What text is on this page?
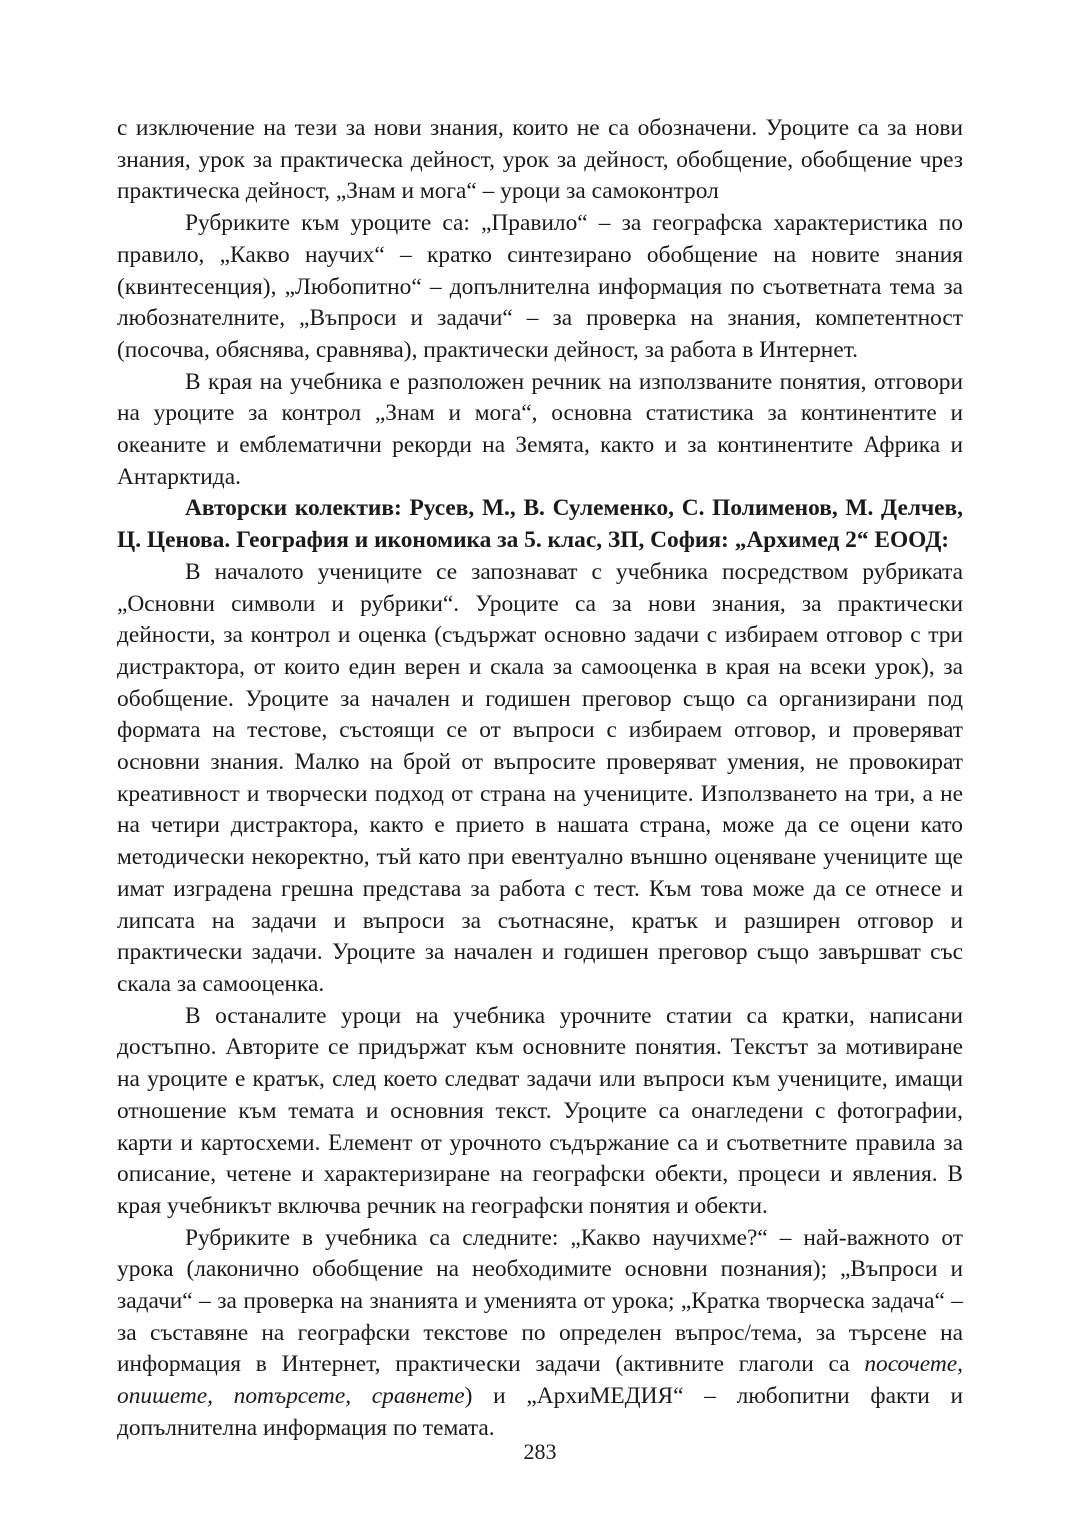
с изключение на тези за нови знания, които не са обозначени. Уроците са за нови знания, урок за практическа дейност, урок за дейност, обобщение, обобщение чрез практическа дейност, „Знам и мога“ – уроци за самоконтрол

Рубриките към уроците са: „Правило“ – за географска характеристика по правило, „Какво научих“ – кратко синтезирано обобщение на новите знания (квинтесенция), „Любопитно“ – допълнителна информация по съответната тема за любознателните, „Въпроси и задачи“ – за проверка на знания, компетентност (посочва, обяснява, сравнява), практически дейност, за работа в Интернет.

В края на учебника е разположен речник на използваните понятия, отговори на уроците за контрол „Знам и мога“, основна статистика за континентите и океаните и емблематични рекорди на Земята, както и за континентите Африка и Антарктида.

Авторски колектив: Русев, М., В. Сулеменко, С. Полименов, М. Делчев, Ц. Ценова. География и икономика за 5. клас, ЗП, София: „Архимед 2“ ЕООД:

В началото учениците се запознават с учебника посредством рубриката „Основни символи и рубрики“. Уроците са за нови знания, за практически дейности, за контрол и оценка (съдържат основно задачи с избираем отговор с три дистрактора, от които един верен и скала за самооценка в края на всеки урок), за обобщение. Уроците за начален и годишен преговор също са организирани под формата на тестове, състоящи се от въпроси с избираем отговор, и проверяват основни знания. Малко на брой от въпросите проверяват умения, не провокират креативност и творчески подход от страна на учениците. Използването на три, а не на четири дистрактора, както е прието в нашата страна, може да се оцени като методически некоректно, тъй като при евентуално външно оценяване учениците ще имат изградена грешна представа за работа с тест. Към това може да се отнесе и липсата на задачи и въпроси за съотнасяне, кратък и разширен отговор и практически задачи. Уроците за начален и годишен преговор също завършват със скала за самооценка.

В останалите уроци на учебника урочните статии са кратки, написани достъпно. Авторите се придържат към основните понятия. Текстът за мотивиране на уроците е кратък, след което следват задачи или въпроси към учениците, имащи отношение към темата и основния текст. Уроците са онагледени с фотографии, карти и картосхеми. Елемент от урочното съдържание са и съответните правила за описание, четене и характеризиране на географски обекти, процеси и явления. В края учебникът включва речник на географски понятия и обекти.

Рубриките в учебника са следните: „Какво научихме?“ – най-важното от урока (лаконично обобщение на необходимите основни познания); „Въпроси и задачи“ – за проверка на знанията и уменията от урока; „Кратка творческа задача“ – за съставяне на географски текстове по определен въпрос/тема, за търсене на информация в Интернет, практически задачи (активните глаголи са посочете, опишете, потърсете, сравнете) и „АрхиМЕДИЯ“ – любопитни факти и допълнителна информация по темата.

283
